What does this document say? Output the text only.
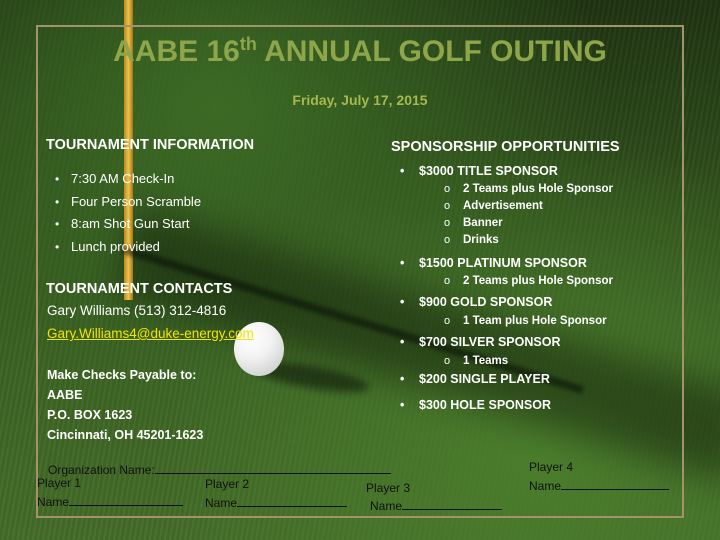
AABE 16th ANNUAL GOLF OUTING
Friday, July 17, 2015
TOURNAMENT INFORMATION
• 7:30 AM Check-In
• Four Person Scramble
• 8:am Shot Gun Start
• Lunch provided
TOURNAMENT CONTACTS
Gary Williams (513) 312-4816
Gary.Williams4@duke-energy.com
Make Checks Payable to:
AABE
P.O. BOX 1623
Cincinnati, OH 45201-1623
SPONSORSHIP OPPORTUNITIES
• $3000 TITLE SPONSOR
o 2 Teams plus Hole Sponsor
o Advertisement
o Banner
o Drinks
• $1500 PLATINUM SPONSOR
o 2 Teams plus Hole Sponsor
• $900 GOLD SPONSOR
o 1 Team plus Hole Sponsor
• $700 SILVER SPONSOR
o 1 Teams
• $200 SINGLE PLAYER
• $300 HOLE SPONSOR
Organization Name:
Player 1
Name
Player 2
Name
Player 3
Name
Player 4
Name
